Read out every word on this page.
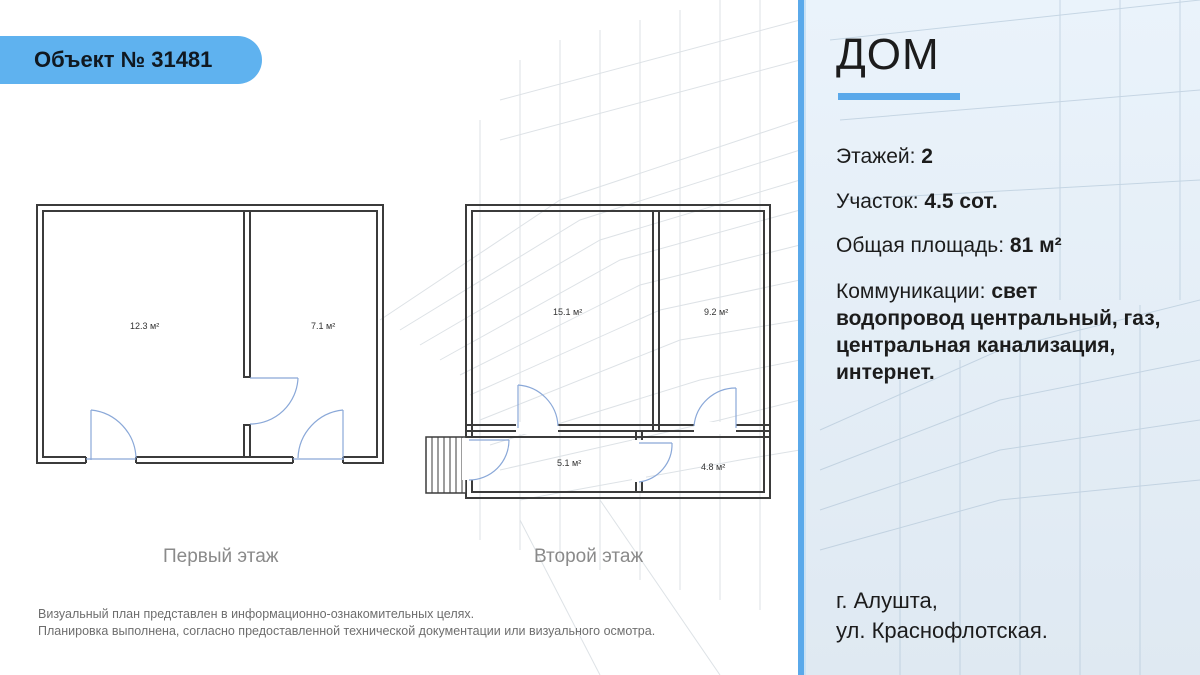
Объект № 31481
12.3 м²	7.1 м²
15.1 м²	9.2 м²
5.1 м²	4.8 м²
Первый этаж	Второй этаж
Визуальный план представлен в информационно-ознакомительных целях.
Планировка выполнена, согласно предоставленной технической документации или визуального осмотра.
ДОМ
Этажей: 2
Участок: 4.5 сот.
Общая площадь: 81 м²
Коммуникации: свет водопровод центральный, газ, центральная канализация, интернет.
г. Алушта,
ул. Краснофлотская.
